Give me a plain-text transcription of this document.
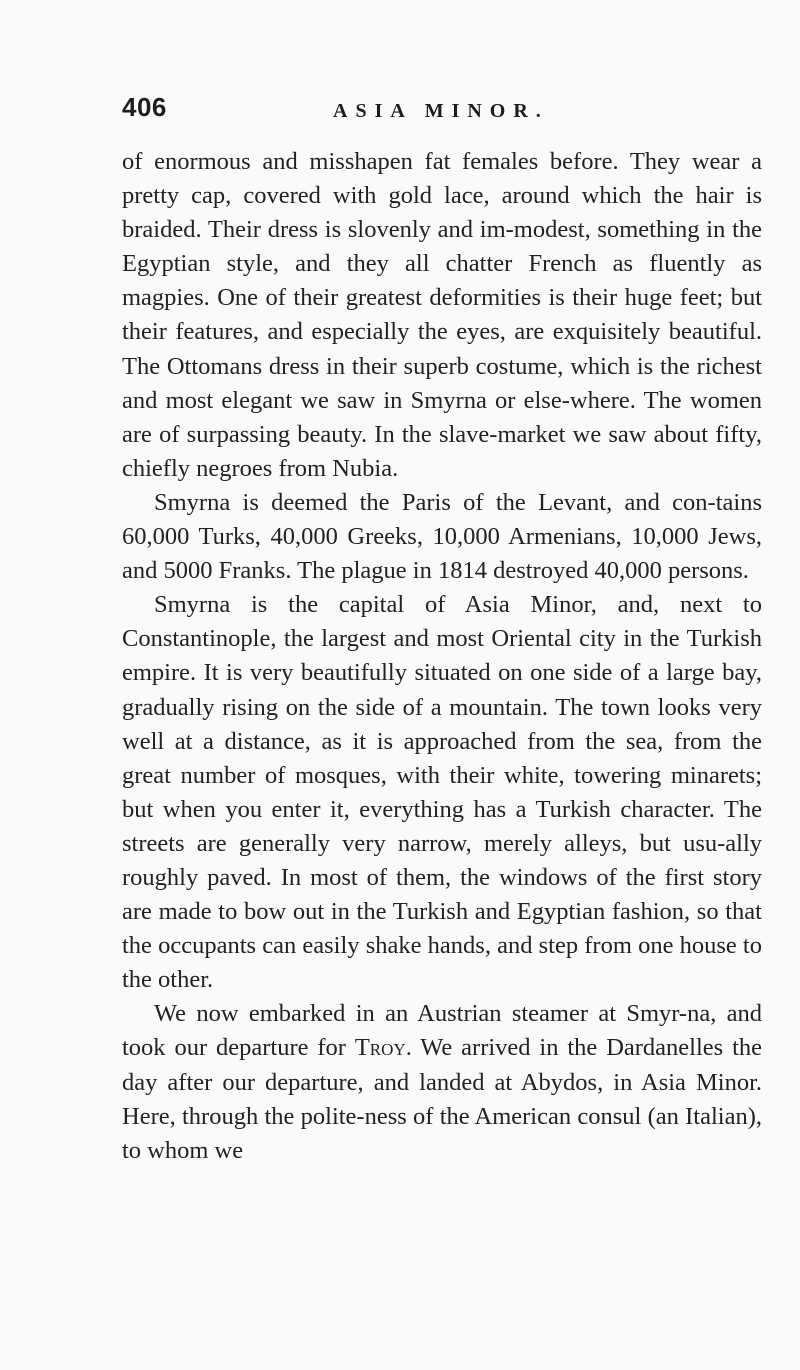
406	ASIA MINOR.

of enormous and misshapen fat females before. They wear a pretty cap, covered with gold lace, around which the hair is braided. Their dress is slovenly and im-modest, something in the Egyptian style, and they all chatter French as fluently as magpies. One of their greatest deformities is their huge feet; but their features, and especially the eyes, are exquisitely beautiful. The Ottomans dress in their superb costume, which is the richest and most elegant we saw in Smyrna or else-where. The women are of surpassing beauty. In the slave-market we saw about fifty, chiefly negroes from Nubia.

Smyrna is deemed the Paris of the Levant, and con-tains 60,000 Turks, 40,000 Greeks, 10,000 Armenians, 10,000 Jews, and 5000 Franks. The plague in 1814 destroyed 40,000 persons.

Smyrna is the capital of Asia Minor, and, next to Constantinople, the largest and most Oriental city in the Turkish empire. It is very beautifully situated on one side of a large bay, gradually rising on the side of a mountain. The town looks very well at a distance, as it is approached from the sea, from the great number of mosques, with their white, towering minarets; but when you enter it, everything has a Turkish character. The streets are generally very narrow, merely alleys, but usu-ally roughly paved. In most of them, the windows of the first story are made to bow out in the Turkish and Egyptian fashion, so that the occupants can easily shake hands, and step from one house to the other.

We now embarked in an Austrian steamer at Smyr-na, and took our departure for Troy. We arrived in the Dardanelles the day after our departure, and landed at Abydos, in Asia Minor. Here, through the polite-ness of the American consul (an Italian), to whom we
